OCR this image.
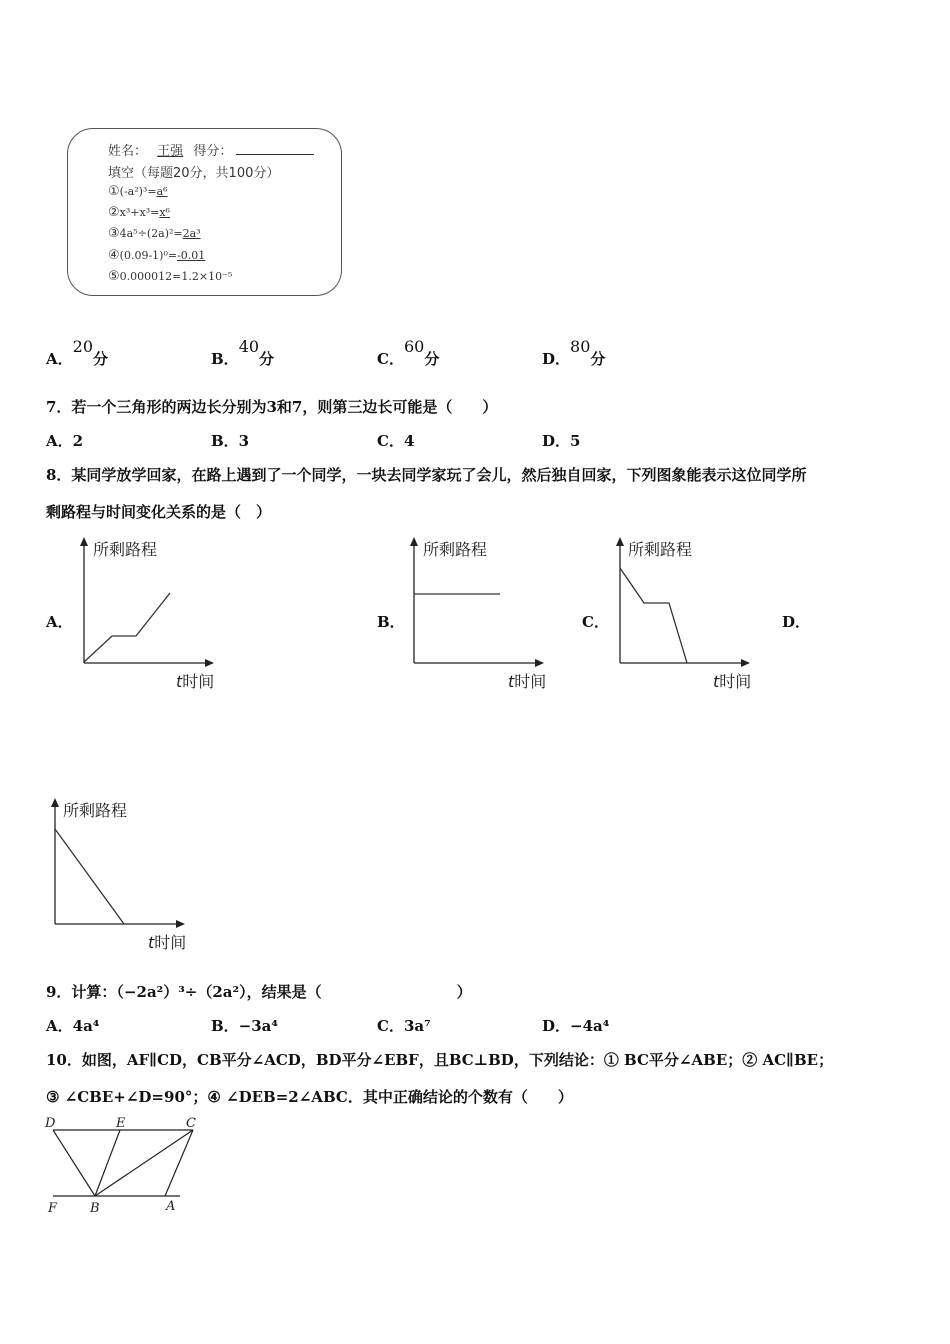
姓名： 王强 得分：
填空（每题20分，共100分）
①(-a²)³=a⁶
②x³+x³=x⁶
③4a⁵÷(2a)²=2a³
④(0.09-1)⁰=-0.01
⑤0.000012=1.2×10⁻⁵
A．20分	B．40分	C．60分	D．80分
7．若一个三角形的两边长分别为3和7，则第三边长可能是（　　）
A．2	B．3	C．4	D．5
8．某同学放学回家，在路上遇到了一个同学，一块去同学家玩了会儿，然后独自回家，下列图象能表示这位同学所
剩路程与时间变化关系的是（　）
A．	B．	C．	D．
所剩路程
t时间
所剩路程
t时间
所剩路程
t时间
所剩路程
t时间
9．计算：（−2a²）³÷（2a²），结果是（　　　　　　　　　）
A．4a⁴	B．−3a⁴	C．3a⁷	D．−4a⁴
10．如图，AF∥CD，CB平分∠ACD，BD平分∠EBF，且BC⊥BD，下列结论：① BC平分∠ABE；② AC∥BE；
③ ∠CBE+∠D=90°；④ ∠DEB=2∠ABC．其中正确结论的个数有（　　）
D	E	C
F	B	A
